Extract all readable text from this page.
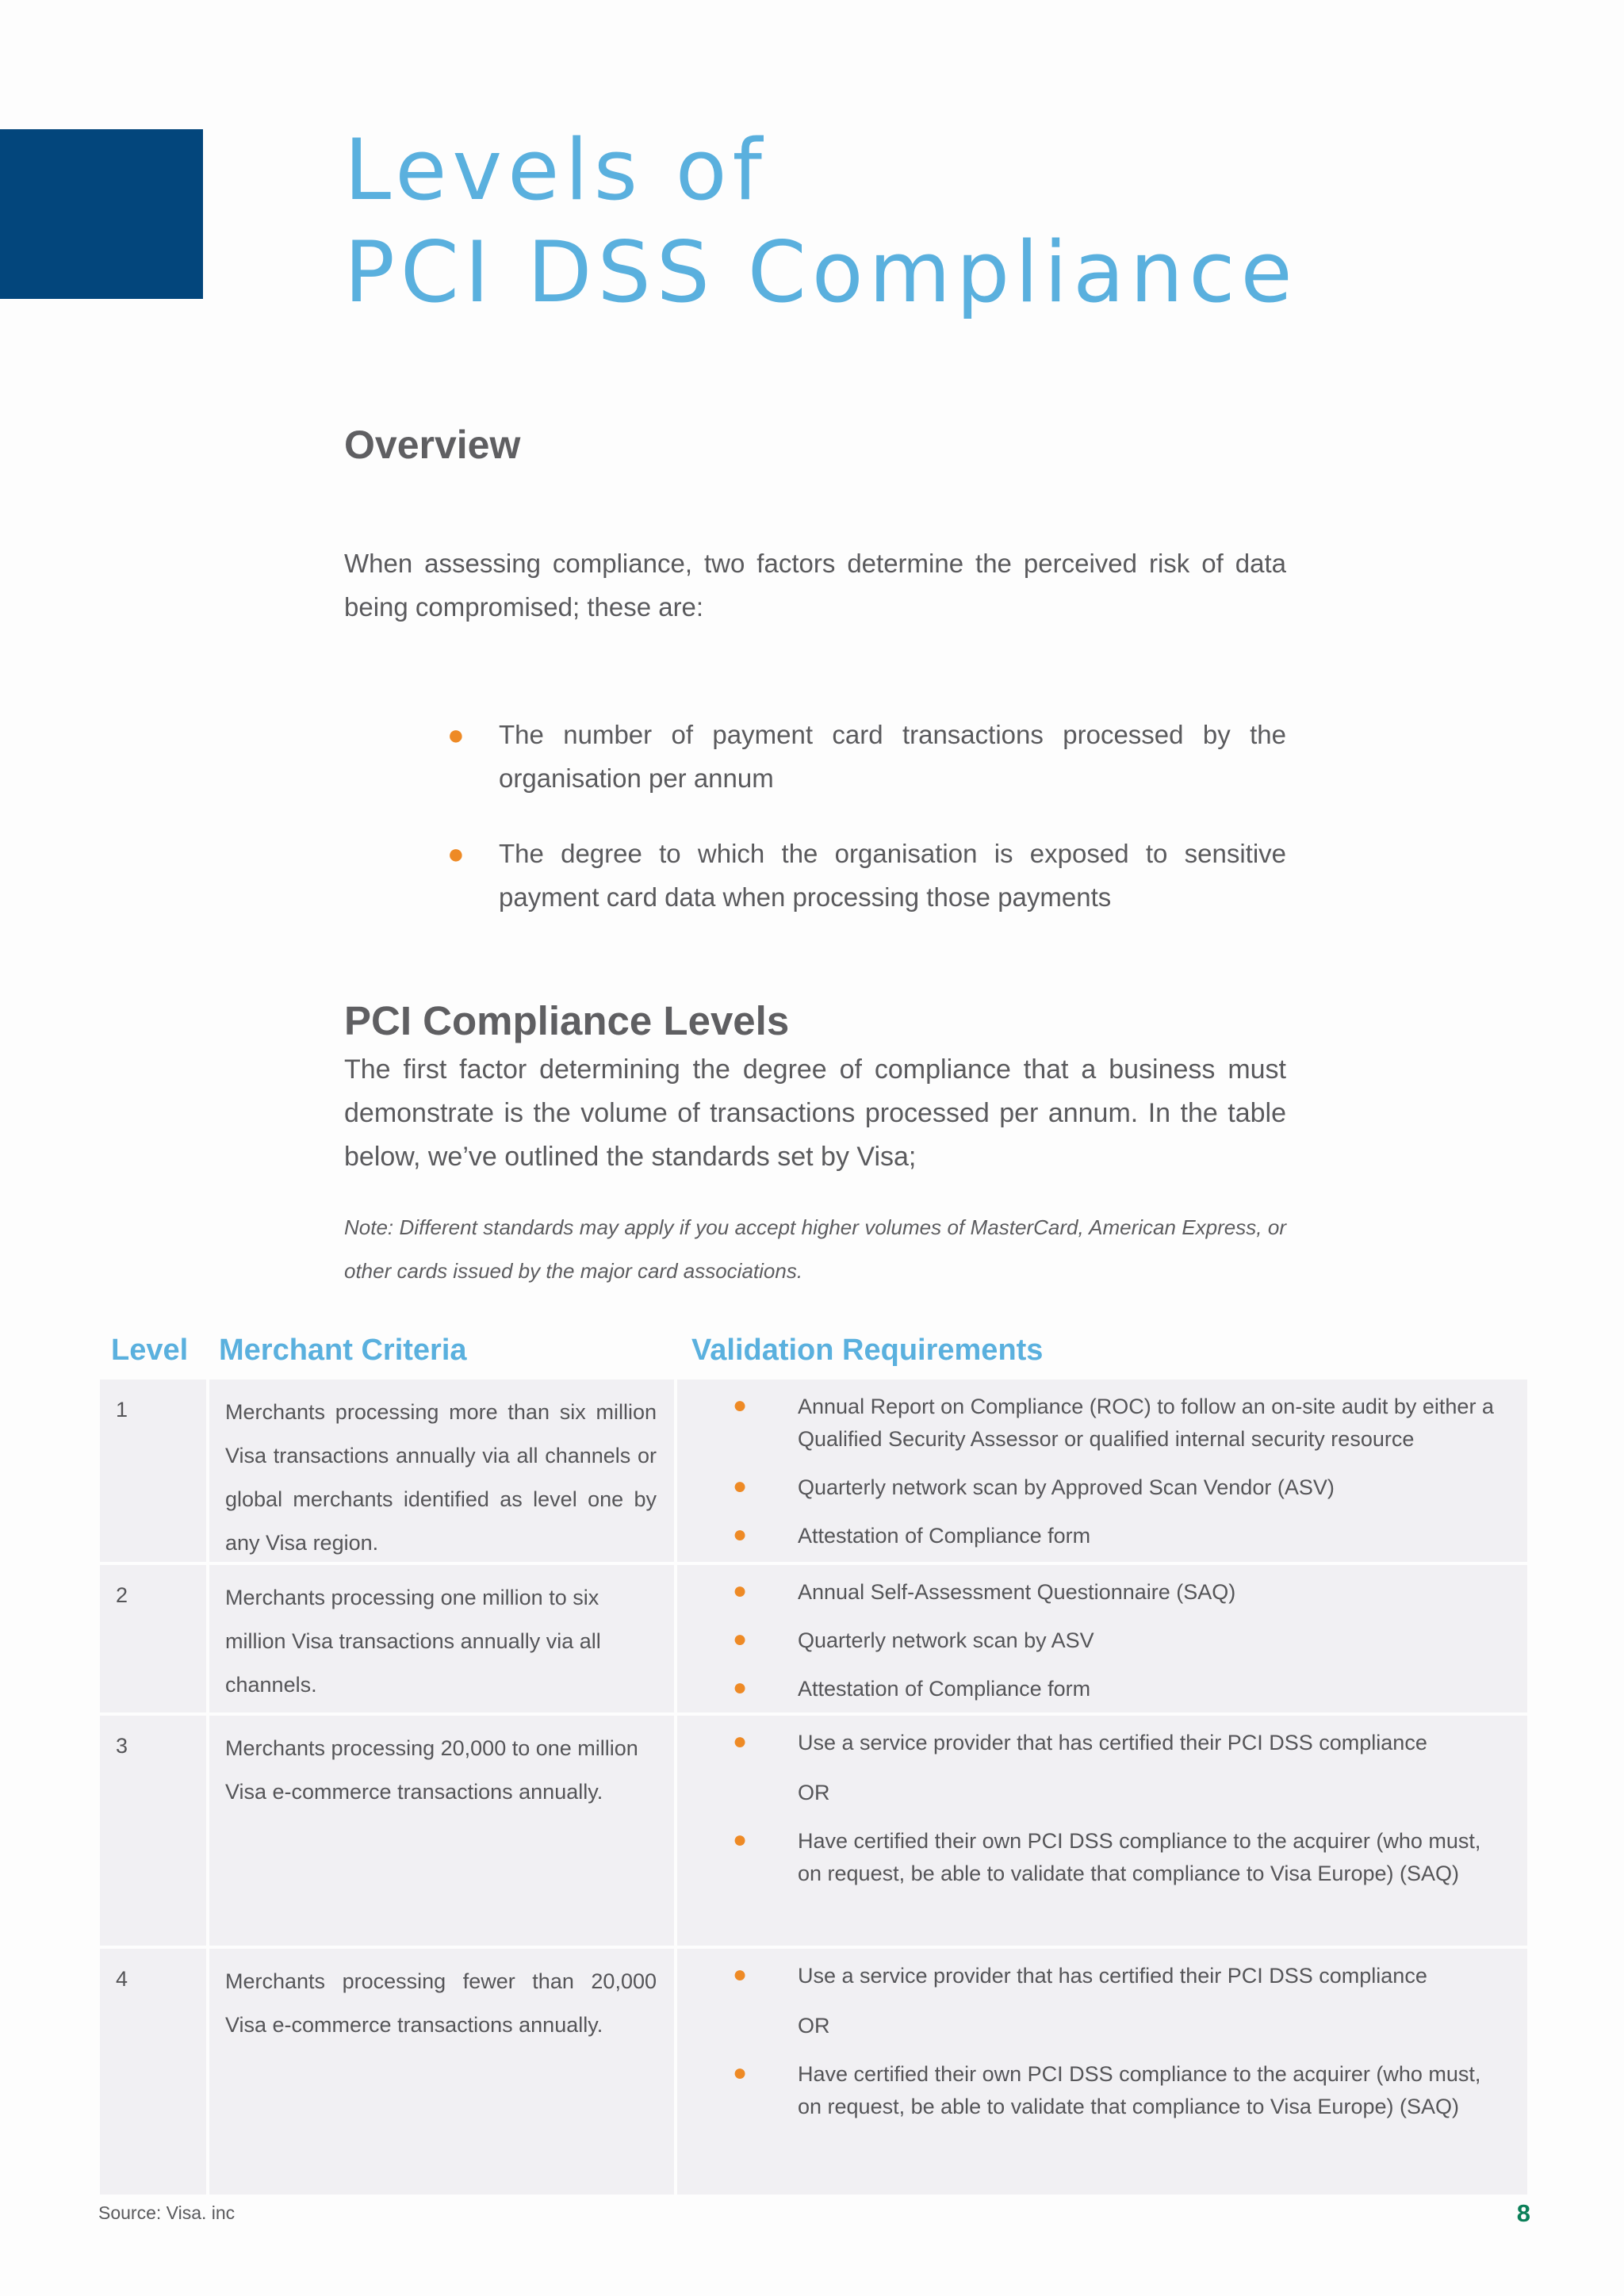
Levels of
PCI DSS Compliance
Overview

When assessing compliance, two factors determine the perceived risk of data being compromised; these are:

● The number of payment card transactions processed by the organisation per annum
● The degree to which the organisation is exposed to sensitive payment card data when processing those payments
PCI Compliance Levels

The first factor determining the degree of compliance that a business must demonstrate is the volume of transactions processed per annum. In the table below, we’ve outlined the standards set by Visa;

Note: Different standards may apply if you accept higher volumes of MasterCard, American Express, or other cards issued by the major card associations.

Level Merchant Criteria	Validation Requirements
1	Merchants processing more than six million Visa transactions annually via all channels or global merchants identified as level one by any Visa region.
● Annual Report on Compliance (ROC) to follow an on-site audit by either a Qualified Security Assessor or qualified internal security resource
● Quarterly network scan by Approved Scan Vendor (ASV)
● Attestation of Compliance form
2	Merchants processing one million to six million Visa transactions annually via all channels.
● Annual Self-Assessment Questionnaire (SAQ)
● Quarterly network scan by ASV
● Attestation of Compliance form
3	Merchants processing 20,000 to one million Visa e-commerce transactions annually.
● Use a service provider that has certified their PCI DSS compliance
OR
● Have certified their own PCI DSS compliance to the acquirer (who must, on request, be able to validate that compliance to Visa Europe) (SAQ)
4	Merchants processing fewer than 20,000 Visa e-commerce transactions annually.
● Use a service provider that has certified their PCI DSS compliance
OR
● Have certified their own PCI DSS compliance to the acquirer (who must, on request, be able to validate that compliance to Visa Europe) (SAQ)
Source: Visa. inc	8
